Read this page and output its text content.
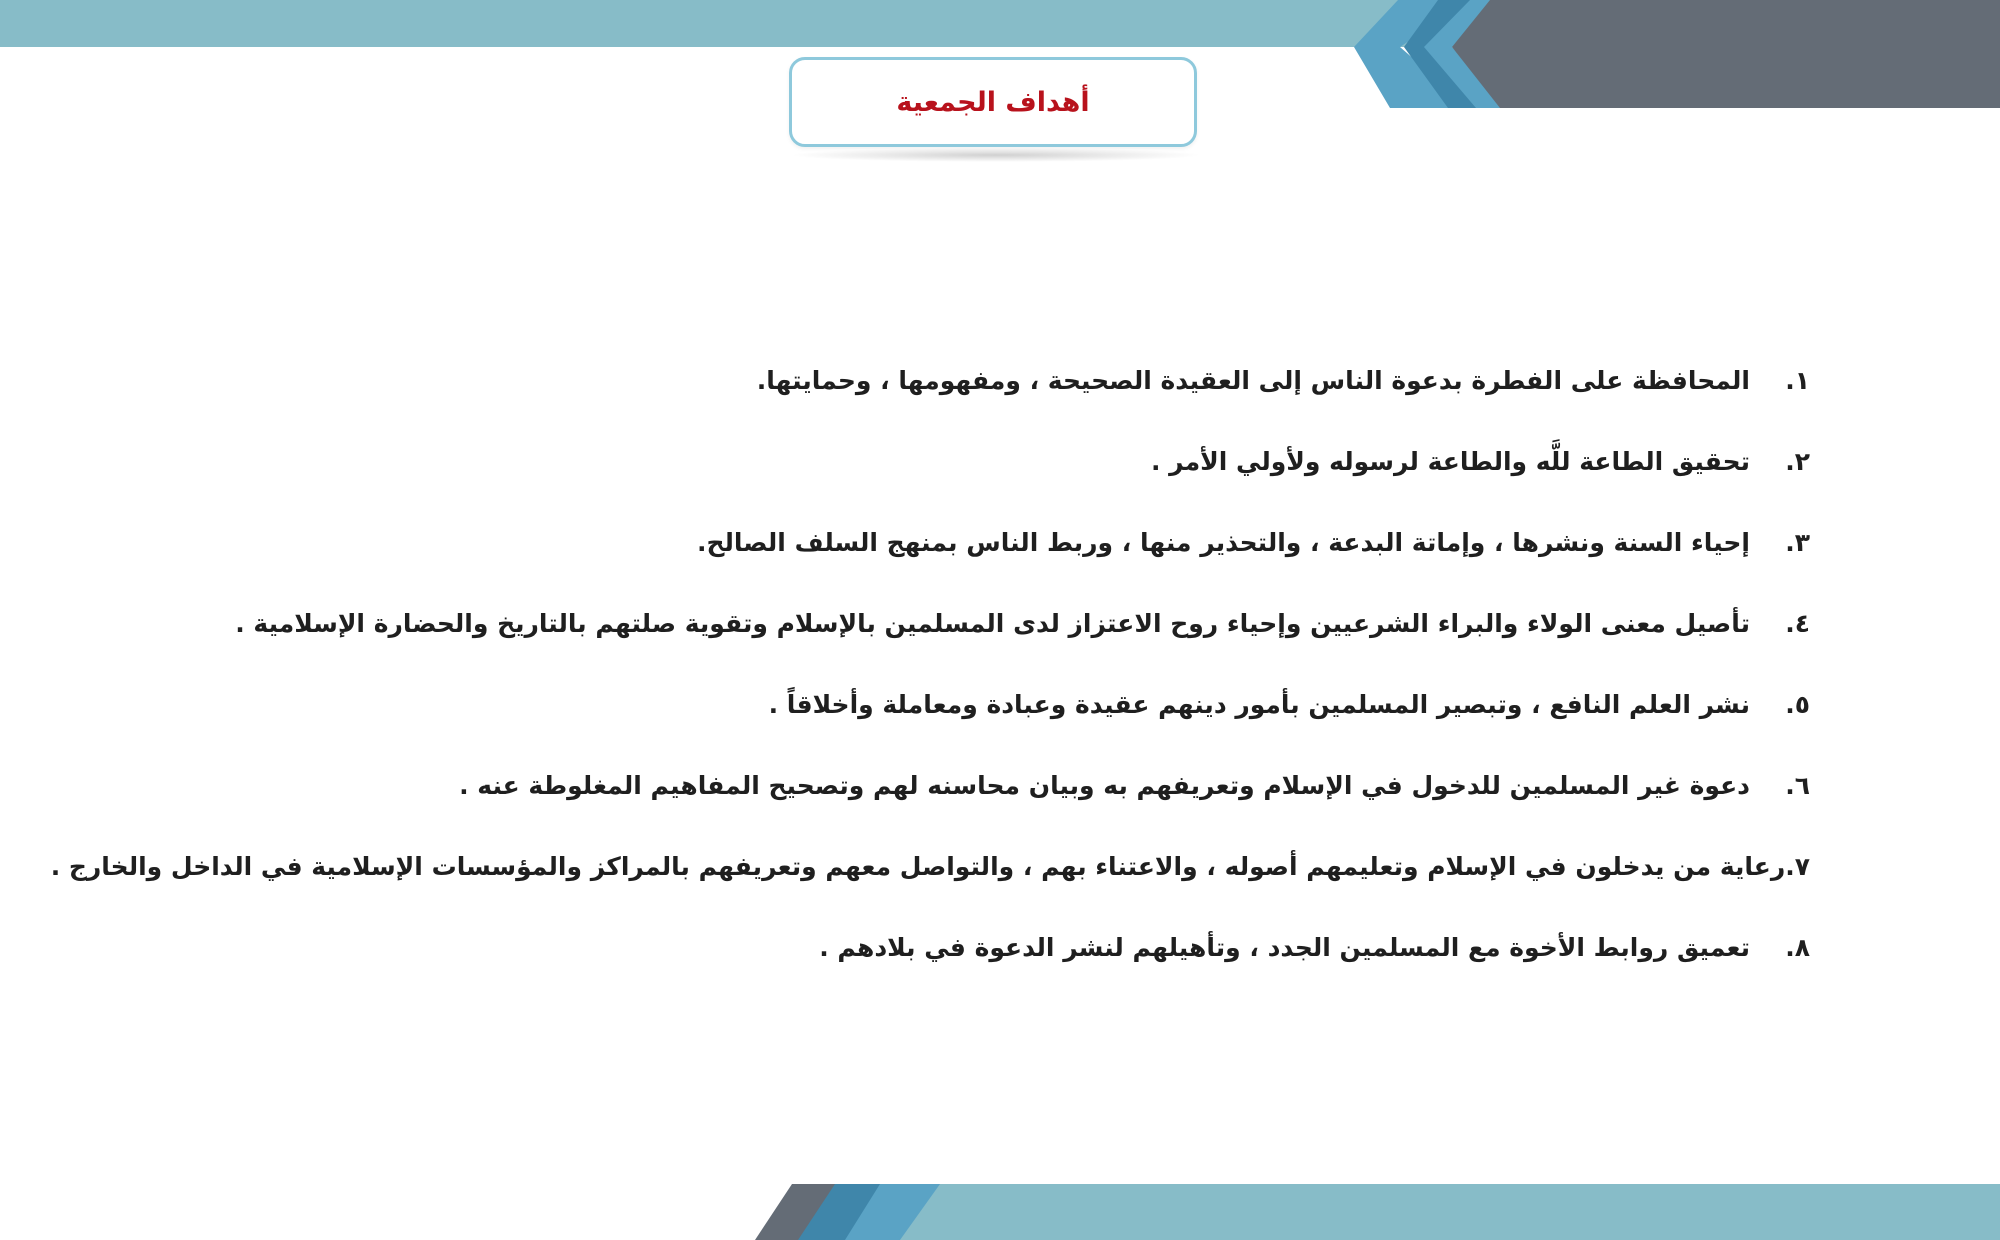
أهداف الجمعية
١.
المحافظة على الفطرة بدعوة الناس إلى العقيدة الصحيحة ، ومفهومها ، وحمايتها.
٢.
تحقيق الطاعة للَّه والطاعة لرسوله ولأولي الأمر .
٣.
إحياء السنة ونشرها ، وإماتة البدعة ، والتحذير منها ، وربط الناس بمنهج السلف الصالح.
٤.
تأصيل معنى الولاء والبراء الشرعيين وإحياء روح الاعتزاز لدى المسلمين بالإسلام وتقوية صلتهم بالتاريخ والحضارة الإسلامية .
٥.
نشر العلم النافع ، وتبصير المسلمين بأمور دينهم عقيدة وعبادة ومعاملة وأخلاقاً .
٦.
دعوة غير المسلمين للدخول في الإسلام وتعريفهم به وبيان محاسنه لهم وتصحيح المفاهيم المغلوطة عنه .
٧.
رعاية من يدخلون في الإسلام وتعليمهم أصوله ، والاعتناء بهم ، والتواصل معهم وتعريفهم بالمراكز والمؤسسات الإسلامية في الداخل والخارج .
٨.
تعميق روابط الأخوة مع المسلمين الجدد ، وتأهيلهم لنشر الدعوة في بلادهم .
